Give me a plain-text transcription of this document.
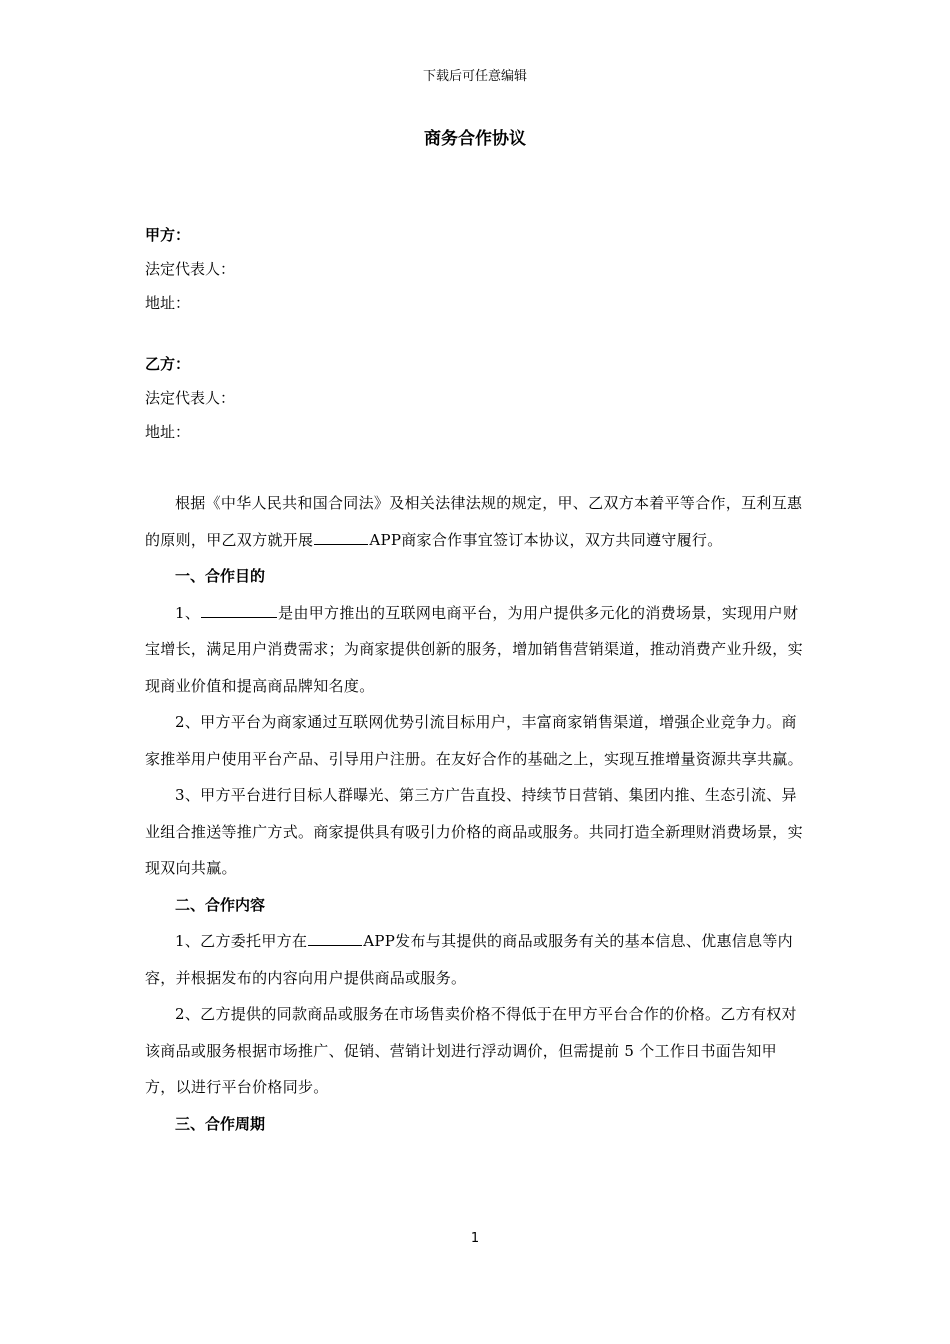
下载后可任意编辑
商务合作协议
甲方：
法定代表人：
地址：
乙方：
法定代表人：
地址：

根据《中华人民共和国合同法》及相关法律法规的规定，甲、乙双方本着平等合作，互利互惠的原则，甲乙双方就开展	APP商家合作事宜签订本协议，双方共同遵守履行。

一、合作目的

1、	是由甲方推出的互联网电商平台，为用户提供多元化的消费场景，实现用户财宝增长，满足用户消费需求；为商家提供创新的服务，增加销售营销渠道，推动消费产业升级，实现商业价值和提高商品牌知名度。

2、甲方平台为商家通过互联网优势引流目标用户，丰富商家销售渠道，增强企业竞争力。商家推举用户使用平台产品、引导用户注册。在友好合作的基础之上，实现互推增量资源共享共赢。

3、甲方平台进行目标人群曝光、第三方广告直投、持续节日营销、集团内推、生态引流、异业组合推送等推广方式。商家提供具有吸引力价格的商品或服务。共同打造全新理财消费场景，实现双向共赢。

二、合作内容

1、乙方委托甲方在	APP发布与其提供的商品或服务有关的基本信息、优惠信息等内容，并根据发布的内容向用户提供商品或服务。

2、乙方提供的同款商品或服务在市场售卖价格不得低于在甲方平台合作的价格。乙方有权对该商品或服务根据市场推广、促销、营销计划进行浮动调价，但需提前 5 个工作日书面告知甲方，以进行平台价格同步。

三、合作周期

1
